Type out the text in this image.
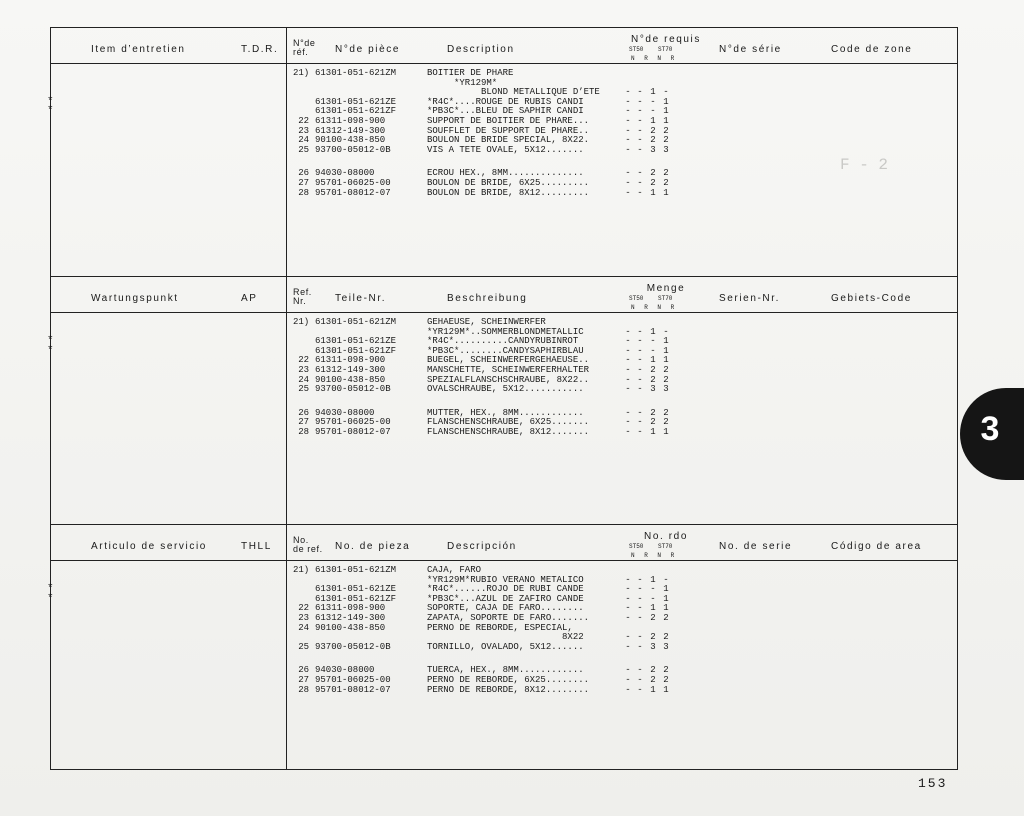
F - 2
Item d’entretien	T.D.R.
N°de réf.	N°de pièce	Description
N°de requis
ST50 ST70
N R N R
N°de série	Code de zone
21) 61301-051-621ZM	BOITIER DE PHARE
*YR129M*
BLOND METALLIQUE D’ETE	- - 1 -
*	61301-051-621ZE	*R4C*....ROUGE DE RUBIS CANDI	- - - 1
*	61301-051-621ZF	*PB3C*...BLEU DE SAPHIR CANDI	- - - 1
22 61311-098-900	SUPPORT DE BOITIER DE PHARE...	- - 1 1
23 61312-149-300	SOUFFLET DE SUPPORT DE PHARE..	- - 2 2
24 90100-438-850	BOULON DE BRIDE SPECIAL, 8X22.	- - 2 2
25 93700-05012-0B	VIS A TETE OVALE, 5X12.......	- - 3 3
26 94030-08000	ECROU HEX., 8MM..............	- - 2 2
27 95701-06025-00	BOULON DE BRIDE, 6X25.........	- - 2 2
28 95701-08012-07	BOULON DE BRIDE, 8X12.........	- - 1 1
Wartungspunkt	AP
Ref. Nr.	Teile-Nr.	Beschreibung
Menge
ST50 ST70
N R N R
Serien-Nr.	Gebiets-Code
21) 61301-051-621ZM	GEHAEUSE, SCHEINWERFER
*YR129M*..SOMMERBLONDMETALLIC	- - 1 -
*	61301-051-621ZE	*R4C*..........CANDYRUBINROT	- - - 1
*	61301-051-621ZF	*PB3C*........CANDYSAPHIRBLAU	- - - 1
22 61311-098-900	BUEGEL, SCHEINWERFERGEHAEUSE..	- - 1 1
23 61312-149-300	MANSCHETTE, SCHEINWERFERHALTER	- - 2 2
24 90100-438-850	SPEZIALFLANSCHSCHRAUBE, 8X22..	- - 2 2
25 93700-05012-0B	OVALSCHRAUBE, 5X12...........	- - 3 3
26 94030-08000	MUTTER, HEX., 8MM............	- - 2 2
27 95701-06025-00	FLANSCHENSCHRAUBE, 6X25.......	- - 2 2
28 95701-08012-07	FLANSCHENSCHRAUBE, 8X12.......	- - 1 1
Articulo de servicio	THLL
No. de ref. No. de pieza	Descripción
No. rdo
ST50 ST70
N R N R
No. de serie	Código de area
21) 61301-051-621ZM	CAJA, FARO
*YR129M*RUBIO VERANO METALICO	- - 1 -
*	61301-051-621ZE	*R4C*......ROJO DE RUBI CANDE	- - - 1
*	61301-051-621ZF	*PB3C*...AZUL DE ZAFIRO CANDE	- - - 1
22 61311-098-900	SOPORTE, CAJA DE FARO........	- - 1 1
23 61312-149-300	ZAPATA, SOPORTE DE FARO.......	- - 2 2
24 90100-438-850	PERNO DE REBORDE, ESPECIAL,
8X22	- - 2 2
25 93700-05012-0B	TORNILLO, OVALADO, 5X12......	- - 3 3
26 94030-08000	TUERCA, HEX., 8MM............	- - 2 2
27 95701-06025-00	PERNO DE REBORDE, 6X25........	- - 2 2
28 95701-08012-07	PERNO DE REBORDE, 8X12........	- - 1 1
3
153
